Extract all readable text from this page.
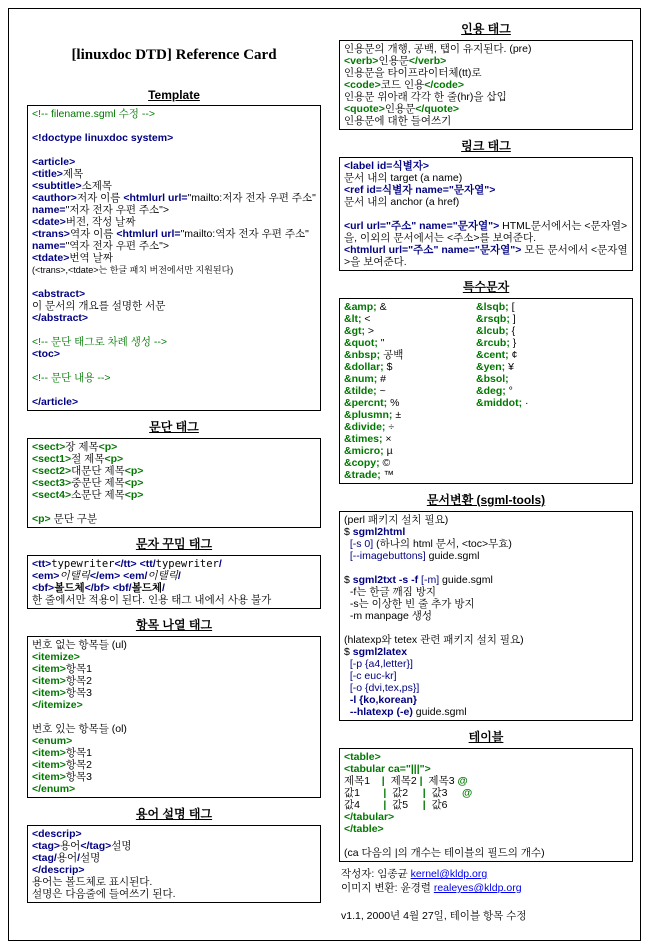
[linuxdoc DTD] Reference Card
Template
<!-- filename.sgml 수정 -->

<!doctype linuxdoc system>

<article>
<title>제목
<subtitle>소제목
<author>저자 이름 <htmlurl url="mailto:저자 전자 우편 주소" name="저자 전자 우편 주소">
<date>버전, 작성 날짜
<trans>역자 이름 <htmlurl url="mailto:역자 전자 우편 주소" name="역자 전자 우편 주소">
<tdate>번역 날짜
(<trans>,<tdate>는 한글 패치 버전에서만 지원된다)

<abstract>
이 문서의 개요를 설명한 서문
</abstract>

<!-- 문단 태그로 차례 생성 -->
<toc>

<!-- 문단 내용 -->

</article>
문단 태그
<sect>장 제목<p>
<sect1>절 제목<p>
<sect2>대문단 제목<p>
<sect3>중문단 제목<p>
<sect4>소문단 제목<p>

<p> 문단 구분
문자 꾸밈 태그
<tt>typewriter</tt> <tt/typewriter/
<em>이탤릭</em> <em/이탤릭/
<bf>볼드체</bf> <bf/볼드체/
한 줄에서만 적용이 된다. 인용 태그 내에서 사용 불가
항목 나열 태그
번호 없는 항목들 (ul)
<itemize>
<item>항목1
<item>항목2
<item>항목3
</itemize>

번호 있는 항목들 (ol)
<enum>
<item>항목1
<item>항목2
<item>항목3
</enum>
용어 설명 태그
<descrip>
<tag>용어</tag>설명
<tag/용어/설명
</descrip>
용어는 볼드체로 표시된다.
설명은 다음줄에 들여쓰기 된다.
인용 태그
인용문의 개행, 공백, 탭이 유지된다. (pre)
<verb>인용문</verb>
인용문을 타이프라이터체(tt)로
<code>코드 인용</code>
인용문 위아래 각각 한 줄(hr)을 삽입
<quote>인용문</quote>
인용문에 대한 들여쓰기
링크 태그
<label id=식별자>
문서 내의 target (a name)
<ref id=식별자 name="문자열">
문서 내의 anchor (a href)

<url url="주소" name="문자열"> HTML문서에서는 <문자열>을, 이외의 문서에서는 <주소>를 보여준다.
<htmlurl url="주소" name="문자열"> 모든 문서에서 <문자열>을 보여준다.
특수문자
&amp; &	&lsqb; [
&lt; <	&rsqb; ]
&gt; >	&lcub; {
&quot; "	&rcub; }
&nbsp; 공백	&cent; ¢
&dollar; $	&yen; ¥
&num; #	&bsol;
&tilde; ~	&deg; °
&percnt; %	&middot; ·
&plusmn; ±
&divide; ÷
&times; ×
&micro; µ
&copy; ©
&trade; ™
문서변환 (sgml-tools)
(perl 패키지 설치 필요)
$ sgml2html
[-s 0] (하나의 html 문서, <toc>무효)
[--imagebuttons] guide.sgml

$ sgml2txt -s -f [-m] guide.sgml
-f는 한글 깨짐 방지
-s는 이상한 빈 줄 추가 방지
-m manpage 생성

(hlatexp와 tetex 관련 패키지 설치 필요)
$ sgml2latex
[-p {a4,letter}]
[-c euc-kr]
[-o {dvi,tex,ps}]
-l {ko,korean}
--hlatexp (-e) guide.sgml
테이블
<table>
<tabular ca="|||">
제목1    |  제목2 |  제목3 @
값1        |  값2     |  값3     @
값4        |  값5     |  값6
</tabular>
</table>

(ca 다음의 |의 개수는 테이블의 필드의 개수)
작성자: 임종균 kernel@kldp.org
이미지 변환: 윤경렬 realeyes@kldp.org

v1.1, 2000년 4월 27일, 테이블 항목 수정
